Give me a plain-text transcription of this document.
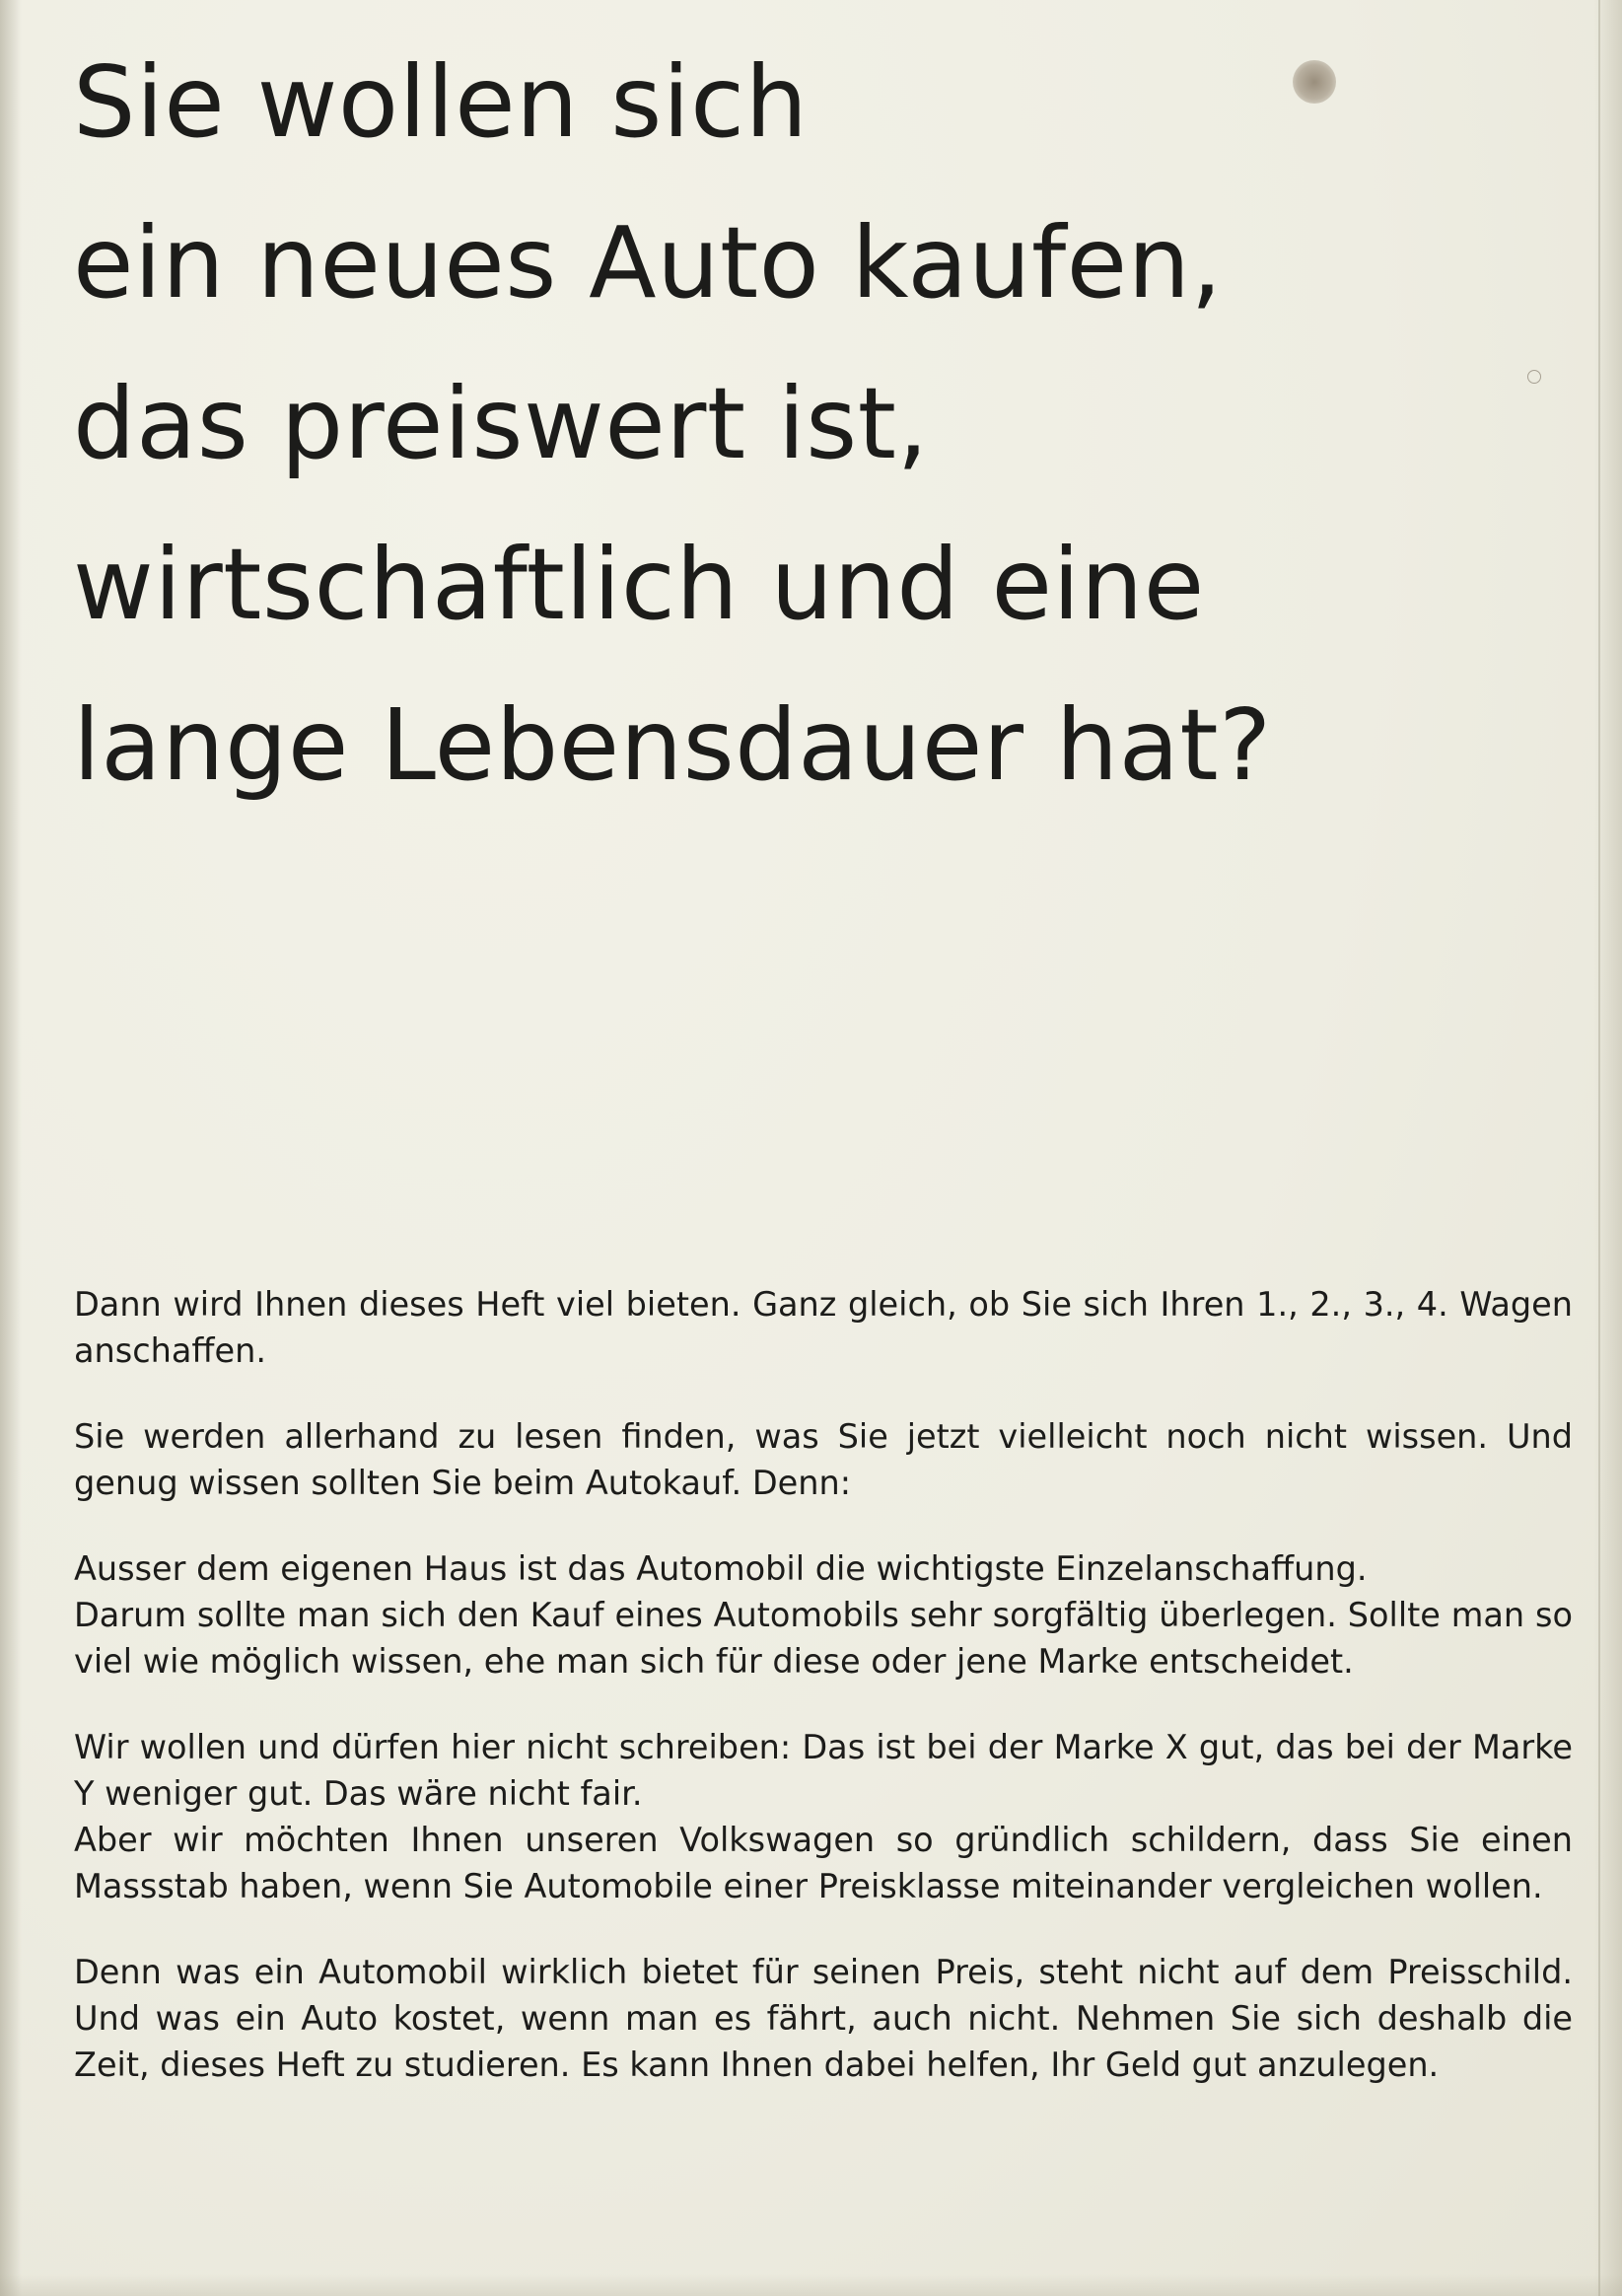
Sie wollen sich
ein neues Auto kaufen,
das preiswert ist,
wirtschaftlich und eine
lange Lebensdauer hat?

Dann wird Ihnen dieses Heft viel bieten. Ganz gleich, ob Sie sich Ihren 1., 2., 3., 4. Wagen anschaffen.

Sie werden allerhand zu lesen finden, was Sie jetzt vielleicht noch nicht wissen. Und genug wissen sollten Sie beim Autokauf. Denn:

Ausser dem eigenen Haus ist das Automobil die wichtigste Einzelanschaffung.
Darum sollte man sich den Kauf eines Automobils sehr sorgfältig überlegen. Sollte man so viel wie möglich wissen, ehe man sich für diese oder jene Marke entscheidet.

Wir wollen und dürfen hier nicht schreiben: Das ist bei der Marke X gut, das bei der Marke Y weniger gut. Das wäre nicht fair.
Aber wir möchten Ihnen unseren Volkswagen so gründlich schildern, dass Sie einen Massstab haben, wenn Sie Automobile einer Preisklasse miteinander vergleichen wollen.

Denn was ein Automobil wirklich bietet für seinen Preis, steht nicht auf dem Preisschild. Und was ein Auto kostet, wenn man es fährt, auch nicht. Nehmen Sie sich deshalb die Zeit, dieses Heft zu studieren. Es kann Ihnen dabei helfen, Ihr Geld gut anzulegen.
